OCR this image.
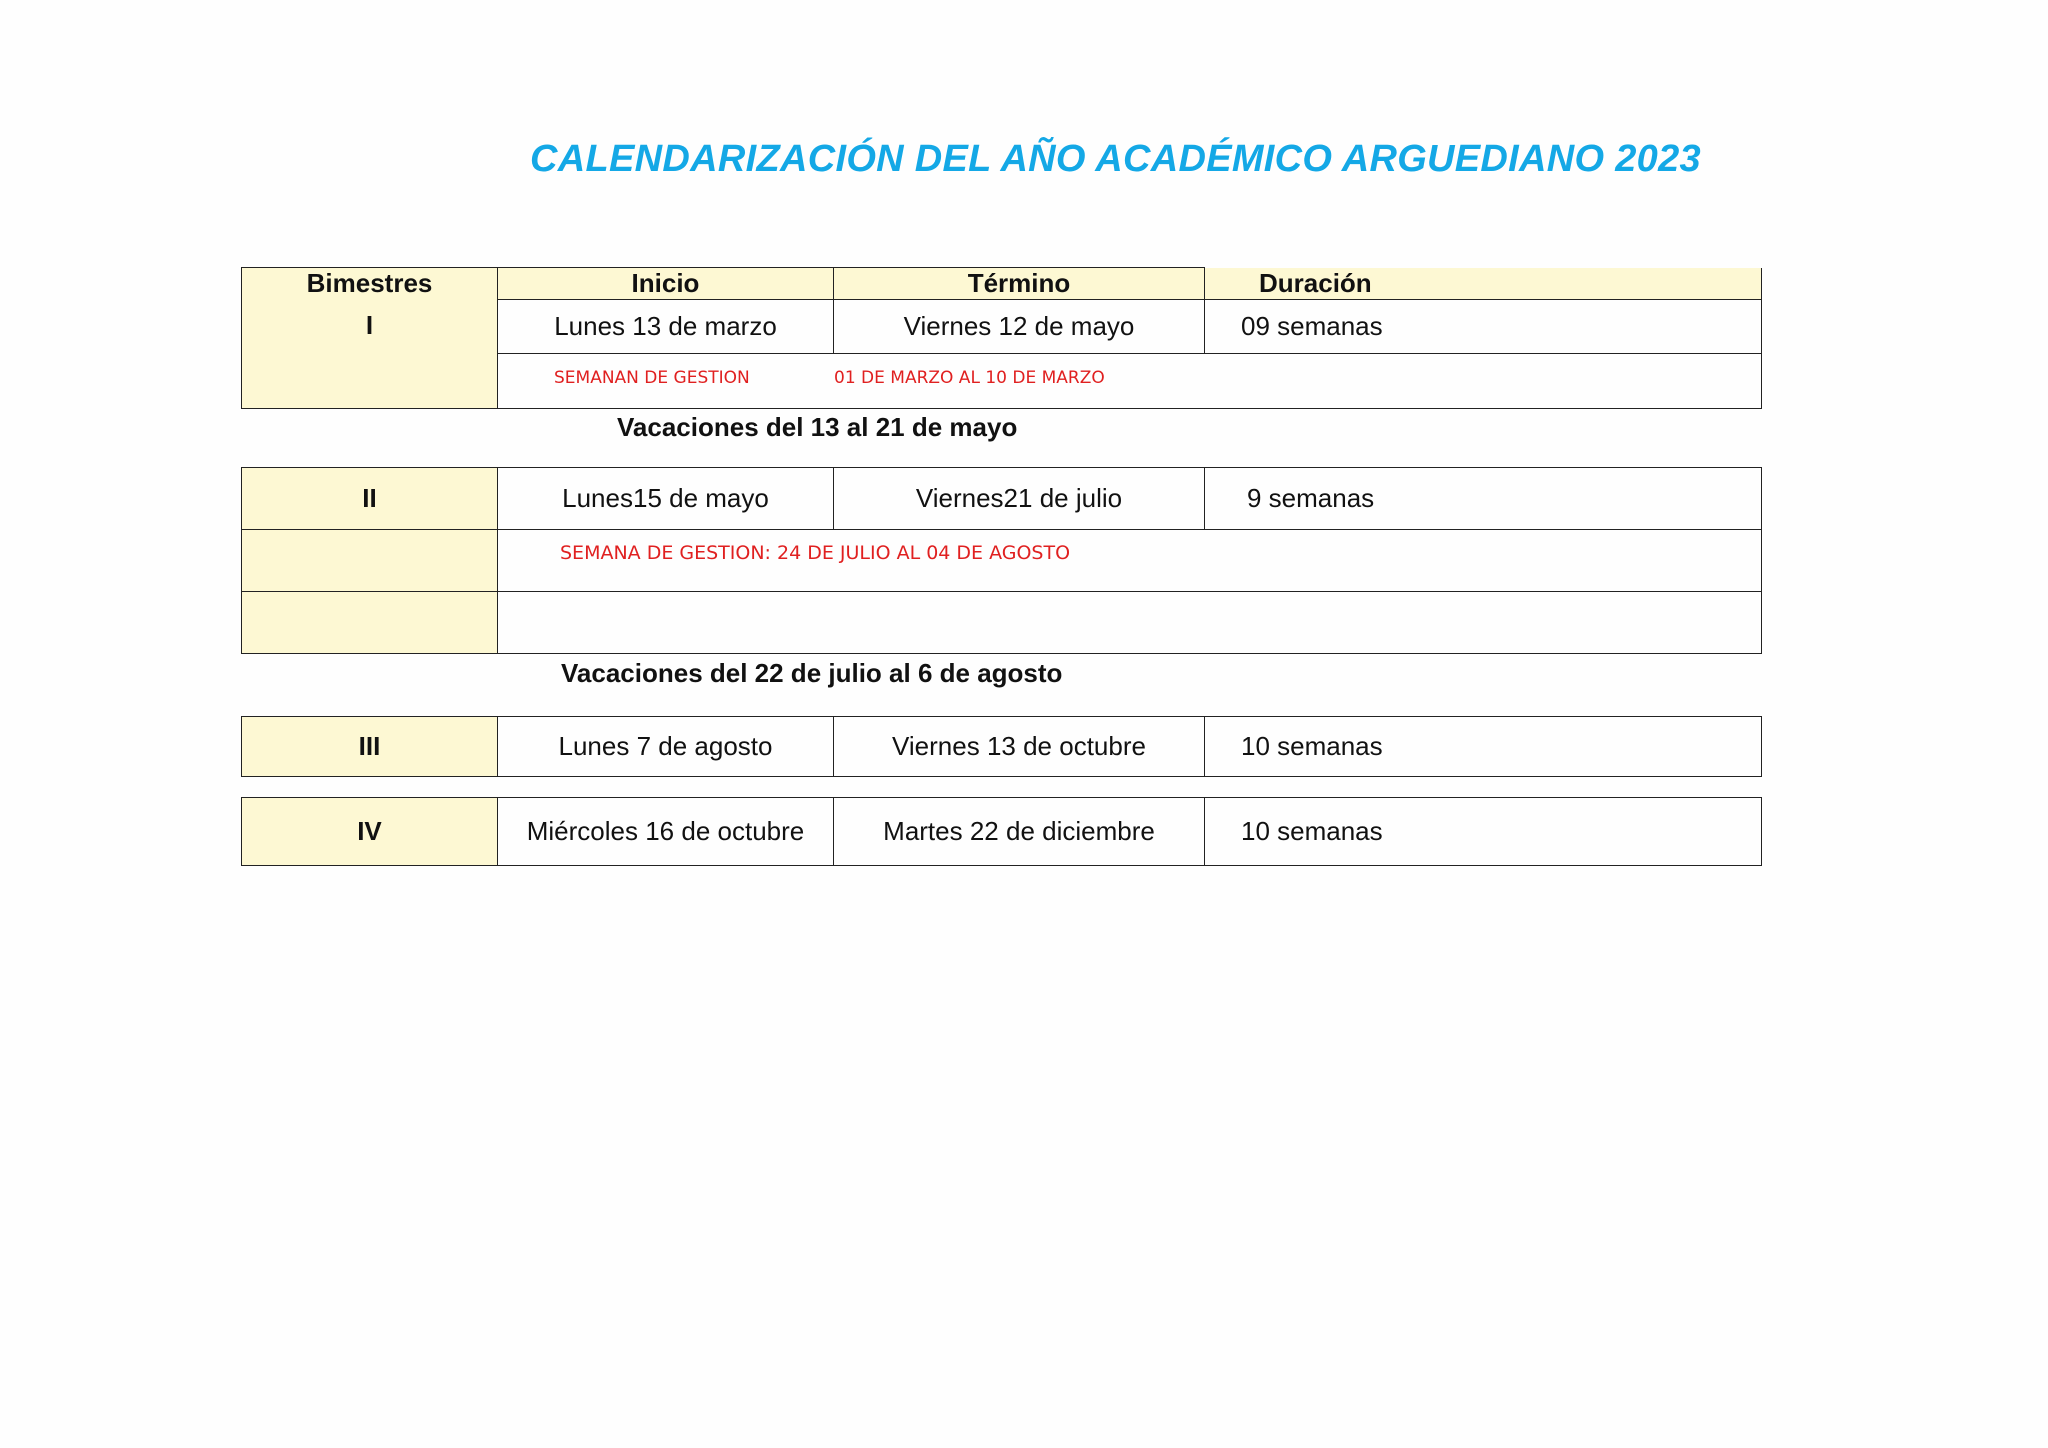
CALENDARIZACIÓN DEL AÑO ACADÉMICO ARGUEDIANO 2023
Bimestres	Inicio	Término	Duración
I	Lunes 13 de marzo	Viernes 12 de mayo	09 semanas

	SEMANAN DE GESTION 01 DE MARZO AL 10 DE MARZO		
Vacaciones del 13 al 21 de mayo
II	Lunes15 de mayo	Viernes21 de julio	9 semanas
	SEMANA DE GESTION: 24 DE JULIO AL 04 DE AGOSTO		

Vacaciones del 22 de julio al 6 de agosto
III	Lunes 7 de agosto	Viernes 13 de octubre	10 semanas
IV	Miércoles 16 de octubre	Martes 22 de diciembre	10 semanas
